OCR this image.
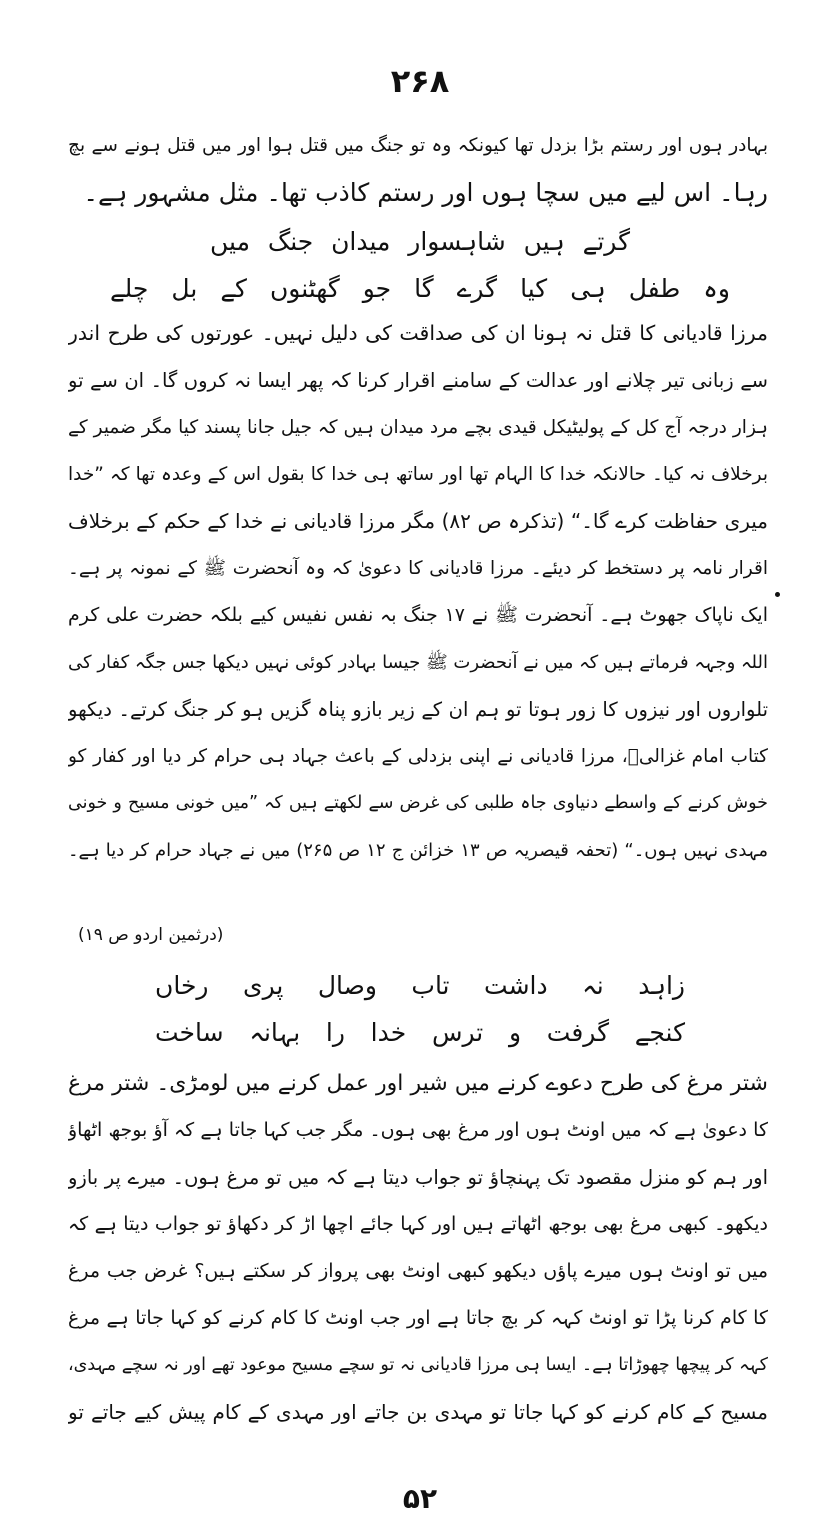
۲۶۸
بہادر ہوں اور رستم بڑا بزدل تھا کیونکہ وہ تو جنگ میں قتل ہوا اور میں قتل ہونے سے بچ
رہا۔ اس لیے میں سچا ہوں اور رستم کاذب تھا۔ مثل مشہور ہے۔
گرتے ہیں شاہسوار میدان جنگ میں
وہ طفل ہی کیا گرے گا جو گھٹنوں کے بل چلے
مرزا قادیانی کا قتل نہ ہونا ان کی صداقت کی دلیل نہیں۔ عورتوں کی طرح اندر
سے زبانی تیر چلانے اور عدالت کے سامنے اقرار کرنا کہ پھر ایسا نہ کروں گا۔ ان سے تو
ہزار درجہ آج کل کے پولیٹیکل قیدی بچے مرد میدان ہیں کہ جیل جانا پسند کیا مگر ضمیر کے
برخلاف نہ کیا۔ حالانکہ خدا کا الہام تھا اور ساتھ ہی خدا کا بقول اس کے وعدہ تھا کہ ”خدا
میری حفاظت کرے گا۔“ (تذکرہ ص ۸۲) مگر مرزا قادیانی نے خدا کے حکم کے برخلاف
اقرار نامہ پر دستخط کر دیئے۔ مرزا قادیانی کا دعویٰ کہ وہ آنحضرت ﷺ کے نمونہ پر ہے۔
ایک ناپاک جھوٹ ہے۔ آنحضرت ﷺ نے ۱۷ جنگ بہ نفس نفیس کیے بلکہ حضرت علی کرم
اللہ وجہہ فرماتے ہیں کہ میں نے آنحضرت ﷺ جیسا بہادر کوئی نہیں دیکھا جس جگہ کفار کی
تلواروں اور نیزوں کا زور ہوتا تو ہم ان کے زیر بازو پناہ گزیں ہو کر جنگ کرتے۔ دیکھو
کتاب امام غزالیؒ، مرزا قادیانی نے اپنی بزدلی کے باعث جہاد ہی حرام کر دیا اور کفار کو
خوش کرنے کے واسطے دنیاوی جاہ طلبی کی غرض سے لکھتے ہیں کہ ”میں خونی مسیح و خونی
مہدی نہیں ہوں۔“ (تحفہ قیصریہ ص ۱۳ خزائن ج ۱۲ ص ۲۶۵) میں نے جہاد حرام کر دیا ہے۔
(درثمین اردو ص ۱۹)
زاہد نہ داشت تاب وصال پری رخاں
کنجے گرفت و ترس خدا را بہانہ ساخت
شتر مرغ کی طرح دعوے کرنے میں شیر اور عمل کرنے میں لومڑی۔ شتر مرغ
کا دعویٰ ہے کہ میں اونٹ ہوں اور مرغ بھی ہوں۔ مگر جب کہا جاتا ہے کہ آؤ بوجھ اٹھاؤ
اور ہم کو منزل مقصود تک پہنچاؤ تو جواب دیتا ہے کہ میں تو مرغ ہوں۔ میرے پر بازو
دیکھو۔ کبھی مرغ بھی بوجھ اٹھاتے ہیں اور کہا جائے اچھا اڑ کر دکھاؤ تو جواب دیتا ہے کہ
میں تو اونٹ ہوں میرے پاؤں دیکھو کبھی اونٹ بھی پرواز کر سکتے ہیں؟ غرض جب مرغ
کا کام کرنا پڑا تو اونٹ کہہ کر بچ جاتا ہے اور جب اونٹ کا کام کرنے کو کہا جاتا ہے مرغ
کہہ کر پیچھا چھوڑاتا ہے۔ ایسا ہی مرزا قادیانی نہ تو سچے مسیح موعود تھے اور نہ سچے مہدی،
مسیح کے کام کرنے کو کہا جاتا تو مہدی بن جاتے اور مہدی کے کام پیش کیے جاتے تو
۵۲
